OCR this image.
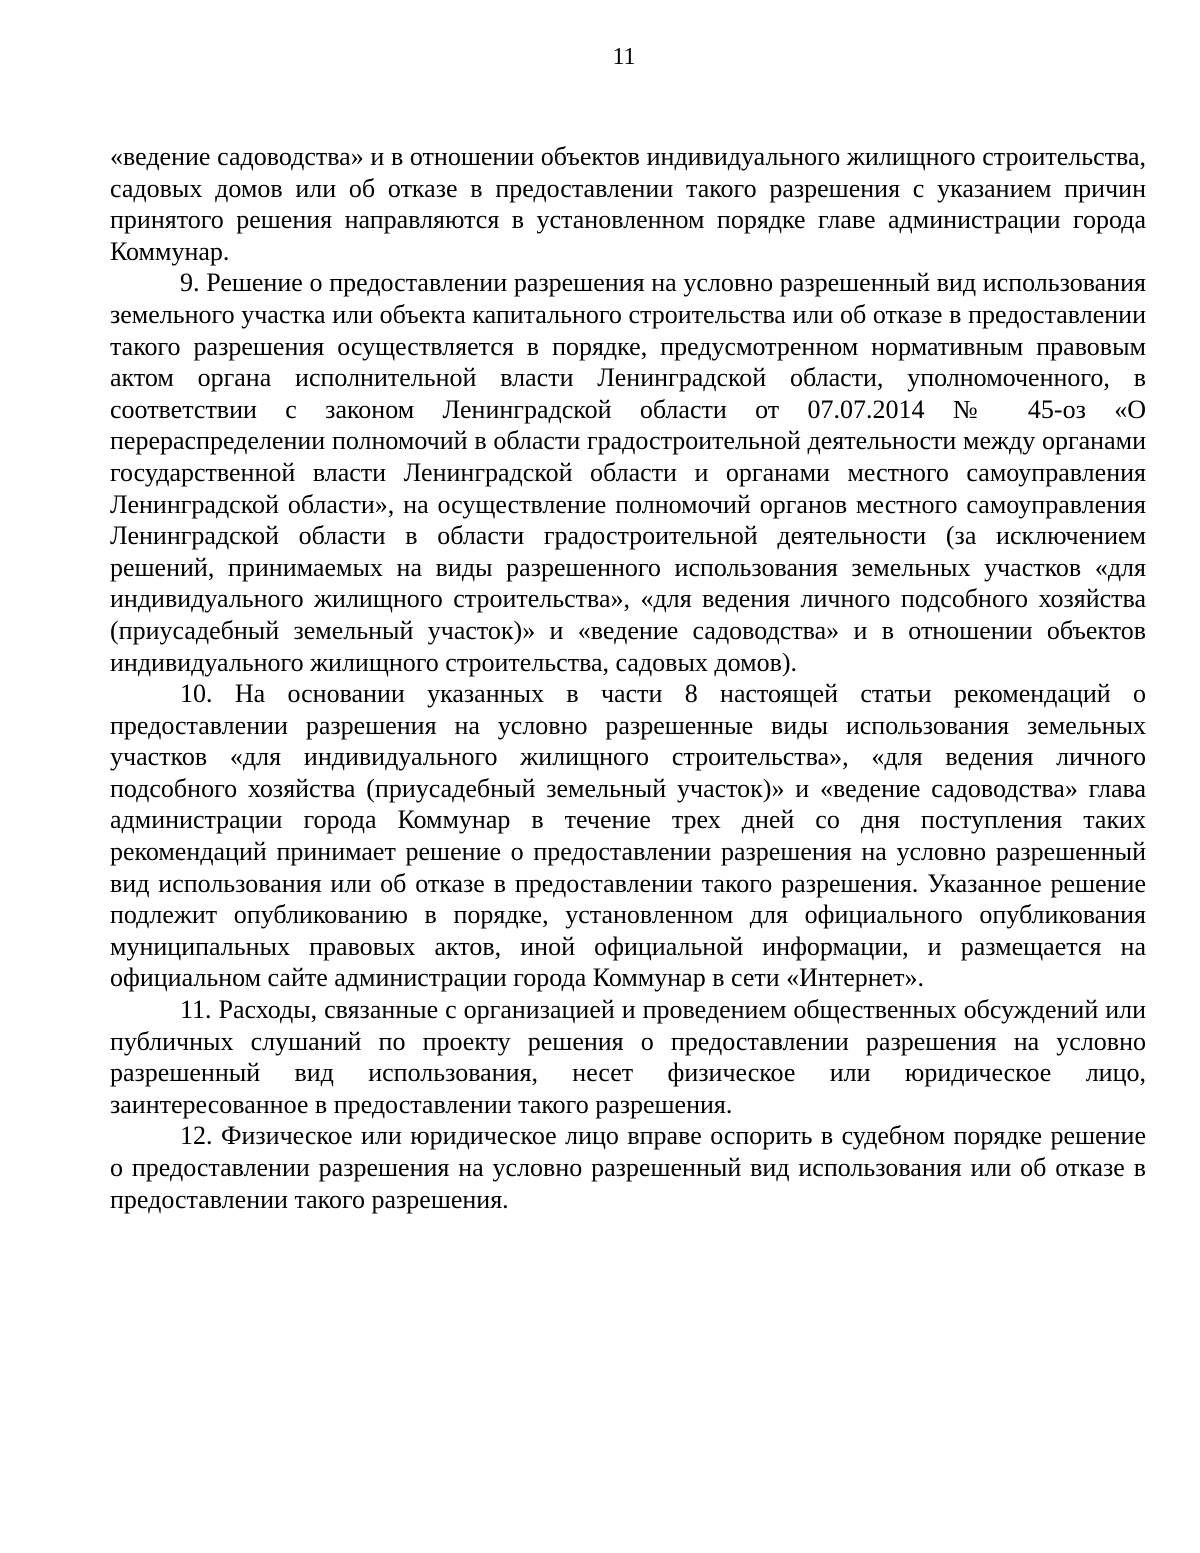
11

«ведение садоводства» и в отношении объектов индивидуального жилищного строительства, садовых домов или об отказе в предоставлении такого разрешения с указанием причин принятого решения направляются в установленном порядке главе администрации города Коммунар.

9. Решение о предоставлении разрешения на условно разрешенный вид использования земельного участка или объекта капитального строительства или об отказе в предоставлении такого разрешения осуществляется в порядке, предусмотренном нормативным правовым актом органа исполнительной власти Ленинградской области, уполномоченного, в соответствии с законом Ленинградской области от 07.07.2014 № 45-оз «О перераспределении полномочий в области градостроительной деятельности между органами государственной власти Ленинградской области и органами местного самоуправления Ленинградской области», на осуществление полномочий органов местного самоуправления Ленинградской области в области градостроительной деятельности (за исключением решений, принимаемых на виды разрешенного использования земельных участков «для индивидуального жилищного строительства», «для ведения личного подсобного хозяйства (приусадебный земельный участок)» и «ведение садоводства» и в отношении объектов индивидуального жилищного строительства, садовых домов).

10. На основании указанных в части 8 настоящей статьи рекомендаций о предоставлении разрешения на условно разрешенные виды использования земельных участков «для индивидуального жилищного строительства», «для ведения личного подсобного хозяйства (приусадебный земельный участок)» и «ведение садоводства» глава администрации города Коммунар в течение трех дней со дня поступления таких рекомендаций принимает решение о предоставлении разрешения на условно разрешенный вид использования или об отказе в предоставлении такого разрешения. Указанное решение подлежит опубликованию в порядке, установленном для официального опубликования муниципальных правовых актов, иной официальной информации, и размещается на официальном сайте администрации города Коммунар в сети «Интернет».

11. Расходы, связанные с организацией и проведением общественных обсуждений или публичных слушаний по проекту решения о предоставлении разрешения на условно разрешенный вид использования, несет физическое или юридическое лицо, заинтересованное в предоставлении такого разрешения.

12. Физическое или юридическое лицо вправе оспорить в судебном порядке решение о предоставлении разрешения на условно разрешенный вид использования или об отказе в предоставлении такого разрешения.
